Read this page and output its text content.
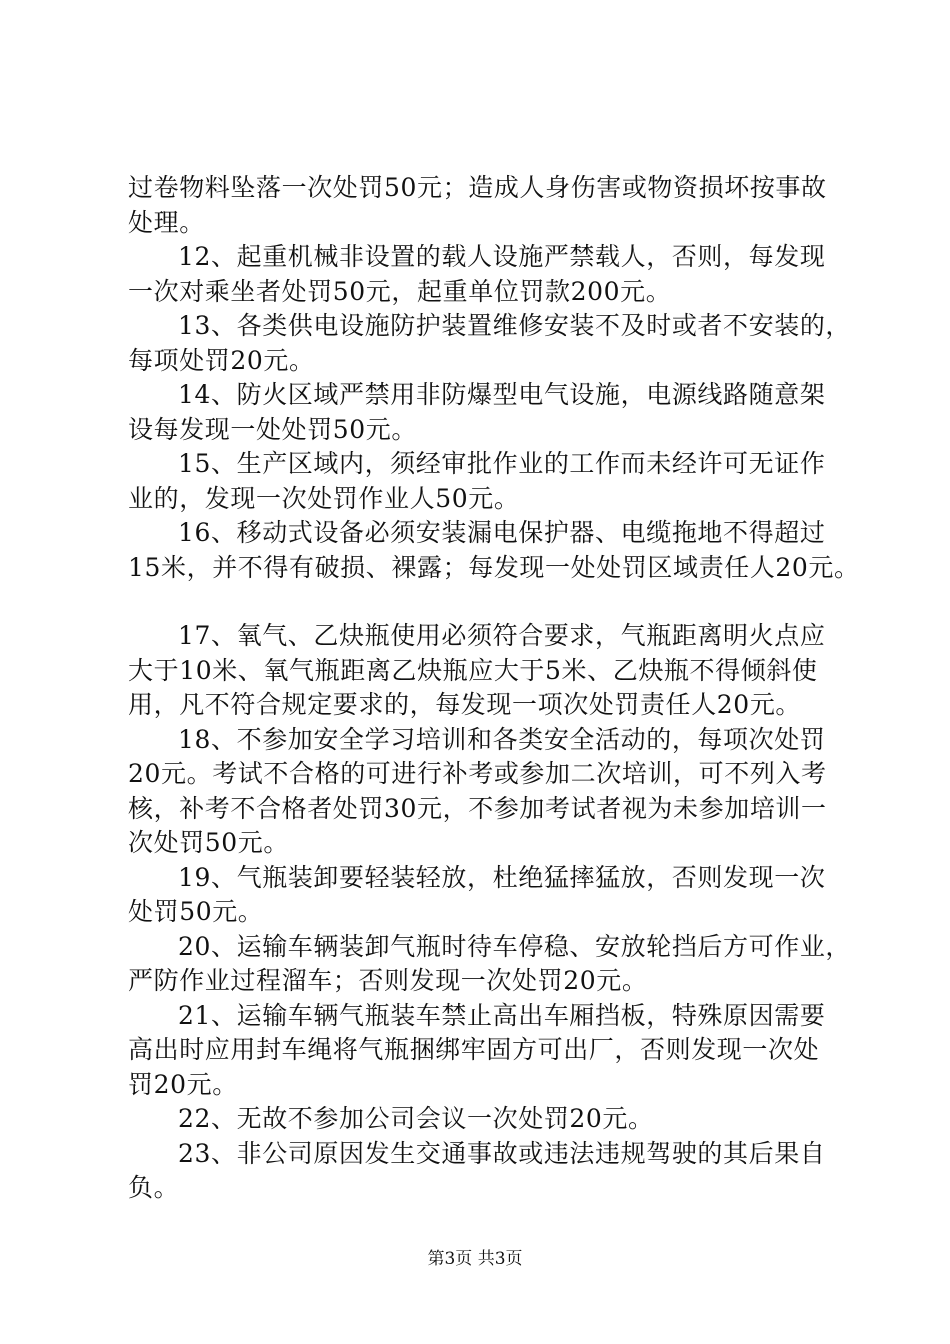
过卷物料坠落一次处罚50元；造成人身伤害或物资损坏按事故
处理。
12、起重机械非设置的载人设施严禁载人，否则，每发现
一次对乘坐者处罚50元，起重单位罚款200元。
13、各类供电设施防护装置维修安装不及时或者不安装的，
每项处罚20元。
14、防火区域严禁用非防爆型电气设施，电源线路随意架
设每发现一处处罚50元。
15、生产区域内，须经审批作业的工作而未经许可无证作
业的，发现一次处罚作业人50元。
16、移动式设备必须安装漏电保护器、电缆拖地不得超过
15米，并不得有破损、裸露；每发现一处处罚区域责任人20元。
17、氧气、乙炔瓶使用必须符合要求，气瓶距离明火点应
大于10米、氧气瓶距离乙炔瓶应大于5米、乙炔瓶不得倾斜使
用，凡不符合规定要求的，每发现一项次处罚责任人20元。
18、不参加安全学习培训和各类安全活动的，每项次处罚
20元。考试不合格的可进行补考或参加二次培训，可不列入考
核，补考不合格者处罚30元，不参加考试者视为未参加培训一
次处罚50元。
19、气瓶装卸要轻装轻放，杜绝猛摔猛放，否则发现一次
处罚50元。
20、运输车辆装卸气瓶时待车停稳、安放轮挡后方可作业，
严防作业过程溜车；否则发现一次处罚20元。
21、运输车辆气瓶装车禁止高出车厢挡板，特殊原因需要
高出时应用封车绳将气瓶捆绑牢固方可出厂，否则发现一次处
罚20元。
22、无故不参加公司会议一次处罚20元。
23、非公司原因发生交通事故或违法违规驾驶的其后果自
负。
第3页 共3页
